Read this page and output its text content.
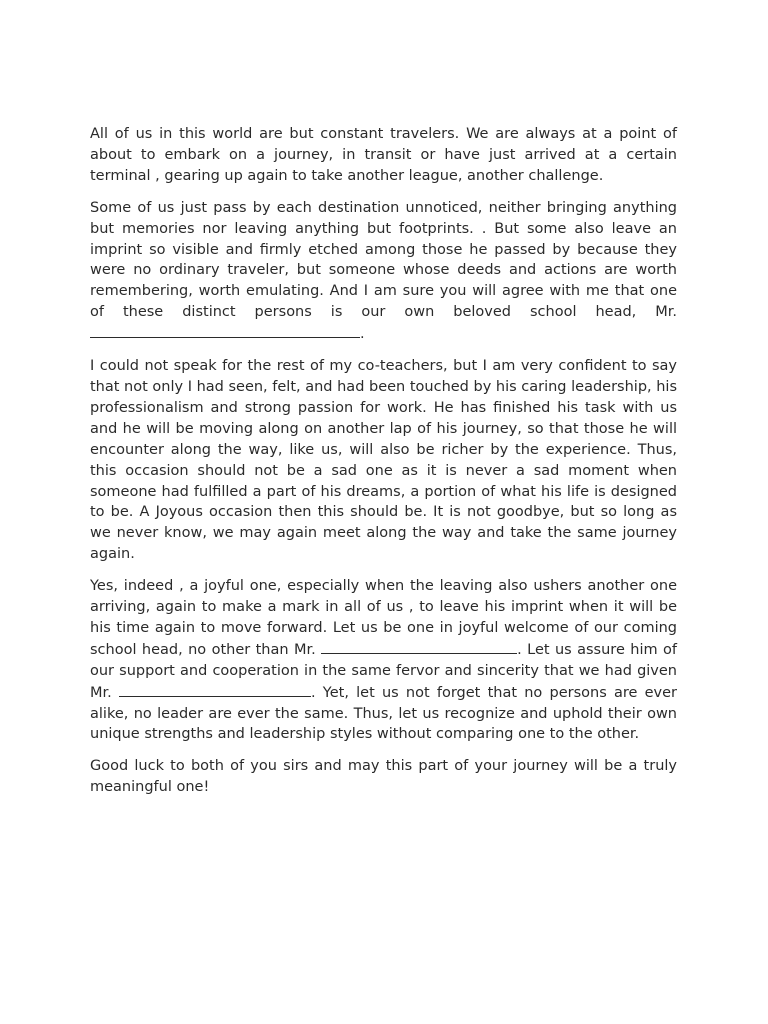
All of us in this world are but constant travelers. We are always at a point of about to embark on a journey, in transit or have just arrived at a certain terminal , gearing up again to take another league, another challenge.

Some of us just pass by each destination unnoticed, neither bringing anything but memories nor leaving anything but footprints. . But some also leave an imprint so visible and firmly etched among those he passed by because they were no ordinary traveler, but someone whose deeds and actions are worth remembering, worth emulating. And I am sure you will agree with me that one of these distinct persons is our own beloved school head, Mr. .

I could not speak for the rest of my co-teachers, but I am very confident to say that not only I had seen, felt, and had been touched by his caring leadership, his professionalism and strong passion for work. He has finished his task with us and he will be moving along on another lap of his journey, so that those he will encounter along the way, like us, will also be richer by the experience. Thus, this occasion should not be a sad one as it is never a sad moment when someone had fulfilled a part of his dreams, a portion of what his life is designed to be. A Joyous occasion then this should be. It is not goodbye, but so long as we never know, we may again meet along the way and take the same journey again.

Yes, indeed , a joyful one, especially when the leaving also ushers another one arriving, again to make a mark in all of us , to leave his imprint when it will be his time again to move forward. Let us be one in joyful welcome of our coming school head, no other than Mr.	. Let us assure him of our support and cooperation in the same fervor and sincerity that we had given Mr.	. Yet, let us not forget that no persons are ever alike, no leader are ever the same. Thus, let us recognize and uphold their own unique strengths and leadership styles without comparing one to the other.

Good luck to both of you sirs and may this part of your journey will be a truly meaningful one!
